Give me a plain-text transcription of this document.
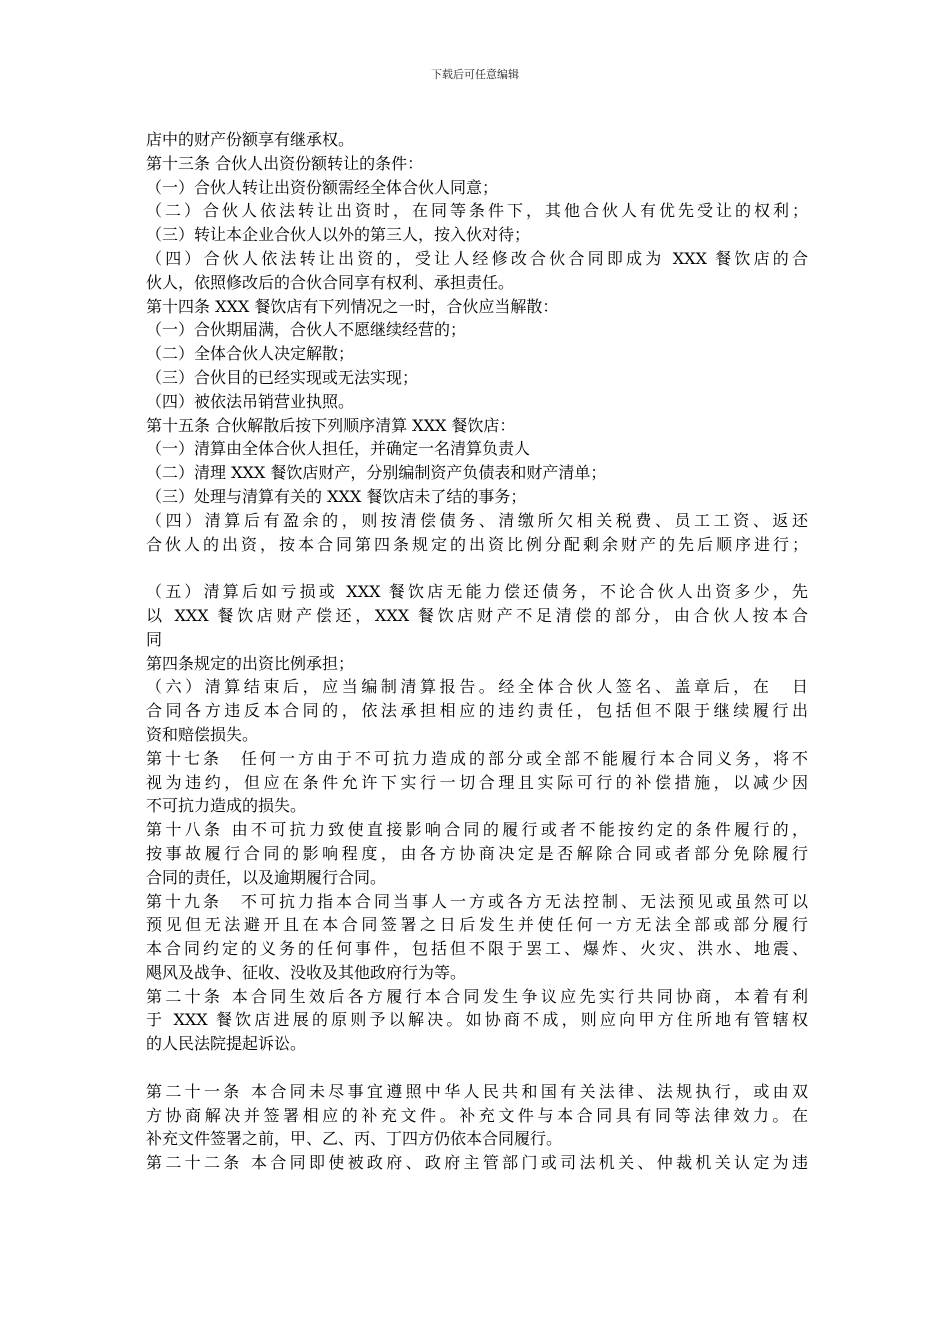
下载后可任意编辑
店中的财产份额享有继承权。
第十三条 合伙人出资份额转让的条件：
（一）合伙人转让出资份额需经全体合伙人同意；
（二）合伙人依法转让出资时，在同等条件下，其他合伙人有优先受让的权利；
（三）转让本企业合伙人以外的第三人，按入伙对待；
（四）合伙人依法转让出资的，受让人经修改合伙合同即成为 XXX 餐饮店的合
伙人，依照修改后的合伙合同享有权利、承担责任。
第十四条 XXX 餐饮店有下列情况之一时，合伙应当解散：
（一）合伙期届满，合伙人不愿继续经营的；
（二）全体合伙人决定解散；
（三）合伙目的已经实现或无法实现；
（四）被依法吊销营业执照。
第十五条 合伙解散后按下列顺序清算 XXX 餐饮店：
（一）清算由全体合伙人担任，并确定一名清算负责人
（二）清理 XXX 餐饮店财产，分别编制资产负债表和财产清单；
（三）处理与清算有关的 XXX 餐饮店未了结的事务；
（四）清算后有盈余的，则按清偿债务、清缴所欠相关税费、员工工资、返还
合伙人的出资，按本合同第四条规定的出资比例分配剩余财产的先后顺序进行；
（五）清算后如亏损或 XXX 餐饮店无能力偿还债务，不论合伙人出资多少，先
以 XXX 餐饮店财产偿还，XXX 餐饮店财产不足清偿的部分，由合伙人按本合
同
第四条规定的出资比例承担；
（六）清算结束后，应当编制清算报告。经全体合伙人签名、盖章后，在　日
合同各方违反本合同的，依法承担相应的违约责任，包括但不限于继续履行出
资和赔偿损失。
第十七条　任何一方由于不可抗力造成的部分或全部不能履行本合同义务，将不
视为违约，但应在条件允许下实行一切合理且实际可行的补偿措施，以减少因
不可抗力造成的损失。
第十八条 由不可抗力致使直接影响合同的履行或者不能按约定的条件履行的，
按事故履行合同的影响程度，由各方协商决定是否解除合同或者部分免除履行
合同的责任，以及逾期履行合同。
第十九条　不可抗力指本合同当事人一方或各方无法控制、无法预见或虽然可以
预见但无法避开且在本合同签署之日后发生并使任何一方无法全部或部分履行
本合同约定的义务的任何事件，包括但不限于罢工、爆炸、火灾、洪水、地震、
飓风及战争、征收、没收及其他政府行为等。
第二十条 本合同生效后各方履行本合同发生争议应先实行共同协商，本着有利
于 XXX 餐饮店进展的原则予以解决。如协商不成，则应向甲方住所地有管辖权
的人民法院提起诉讼。
第二十一条 本合同未尽事宜遵照中华人民共和国有关法律、法规执行，或由双
方协商解决并签署相应的补充文件。补充文件与本合同具有同等法律效力。在
补充文件签署之前，甲、乙、丙、丁四方仍依本合同履行。
第二十二条 本合同即使被政府、政府主管部门或司法机关、仲裁机关认定为违
